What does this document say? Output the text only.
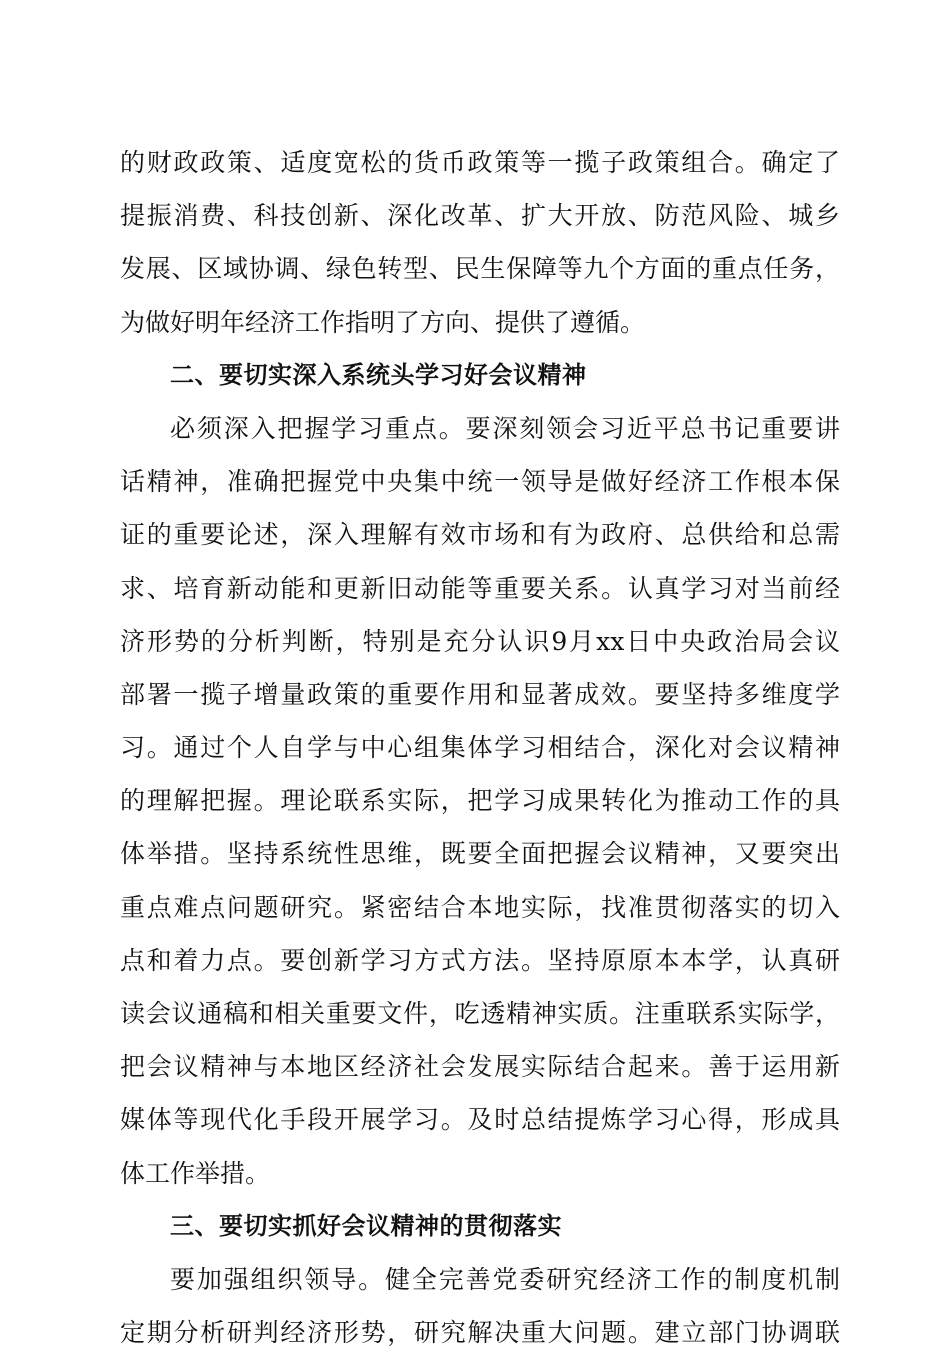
的财政政策、适度宽松的货币政策等一揽子政策组合。确定了
提振消费、科技创新、深化改革、扩大开放、防范风险、城乡
发展、区域协调、绿色转型、民生保障等九个方面的重点任务，
为做好明年经济工作指明了方向、提供了遵循。
二、要切实深入系统头学习好会议精神
必须深入把握学习重点。要深刻领会习近平总书记重要讲
话精神，准确把握党中央集中统一领导是做好经济工作根本保
证的重要论述，深入理解有效市场和有为政府、总供给和总需
求、培育新动能和更新旧动能等重要关系。认真学习对当前经
济形势的分析判断，特别是充分认识9月xx日中央政治局会议
部署一揽子增量政策的重要作用和显著成效。要坚持多维度学
习。通过个人自学与中心组集体学习相结合，深化对会议精神
的理解把握。理论联系实际，把学习成果转化为推动工作的具
体举措。坚持系统性思维，既要全面把握会议精神，又要突出
重点难点问题研究。紧密结合本地实际，找准贯彻落实的切入
点和着力点。要创新学习方式方法。坚持原原本本学，认真研
读会议通稿和相关重要文件，吃透精神实质。注重联系实际学，
把会议精神与本地区经济社会发展实际结合起来。善于运用新
媒体等现代化手段开展学习。及时总结提炼学习心得，形成具
体工作举措。
三、要切实抓好会议精神的贯彻落实
要加强组织领导。健全完善党委研究经济工作的制度机制
定期分析研判经济形势，研究解决重大问题。建立部门协调联
